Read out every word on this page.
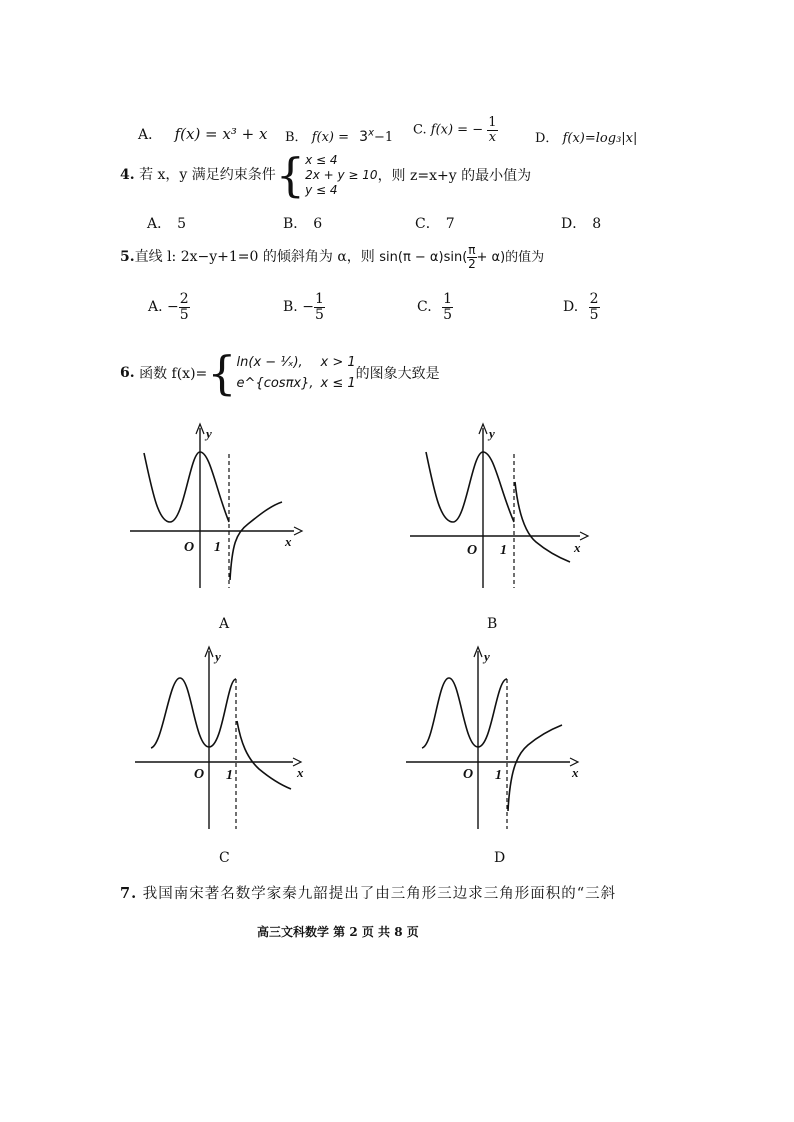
A． f(x) = x³ + x B． $f(x) = 3^x-1$ C. f(x) = − $\frac{1}{x}$	D． f(x)=log₃|x|
4. 若 x，y 满足约束条件{ x ≤ 4
2x + y ≥ 10
y ≤ 4
，则 z=x+y 的最小值为
A． 5	B． 6	C． 7	D． 8
5.直线 l: 2x−y+1=0 的倾斜角为 α，则 $\sin(\pi - \alpha)\sin( \frac{\pi}{2} + \alpha)$的值为
A. − $\frac{2}{5}$	B. − $\frac{1}{5}$	C. $\frac{1}{5}$	D. $\frac{2}{5}$
6. 函数 f(x)={ ln(x − ¹⁄ₓ), x > 1
e^{cosπx}, x ≤ 1
的图象大致是
y
x
O 1
A
y
x
O 1
B
y
x
O 1
C
y
x
O 1
D
7. 我国南宋著名数学家秦九韶提出了由三角形三边求三角形面积的“三斜
高三文科数学 第 2 页 共 8 页
